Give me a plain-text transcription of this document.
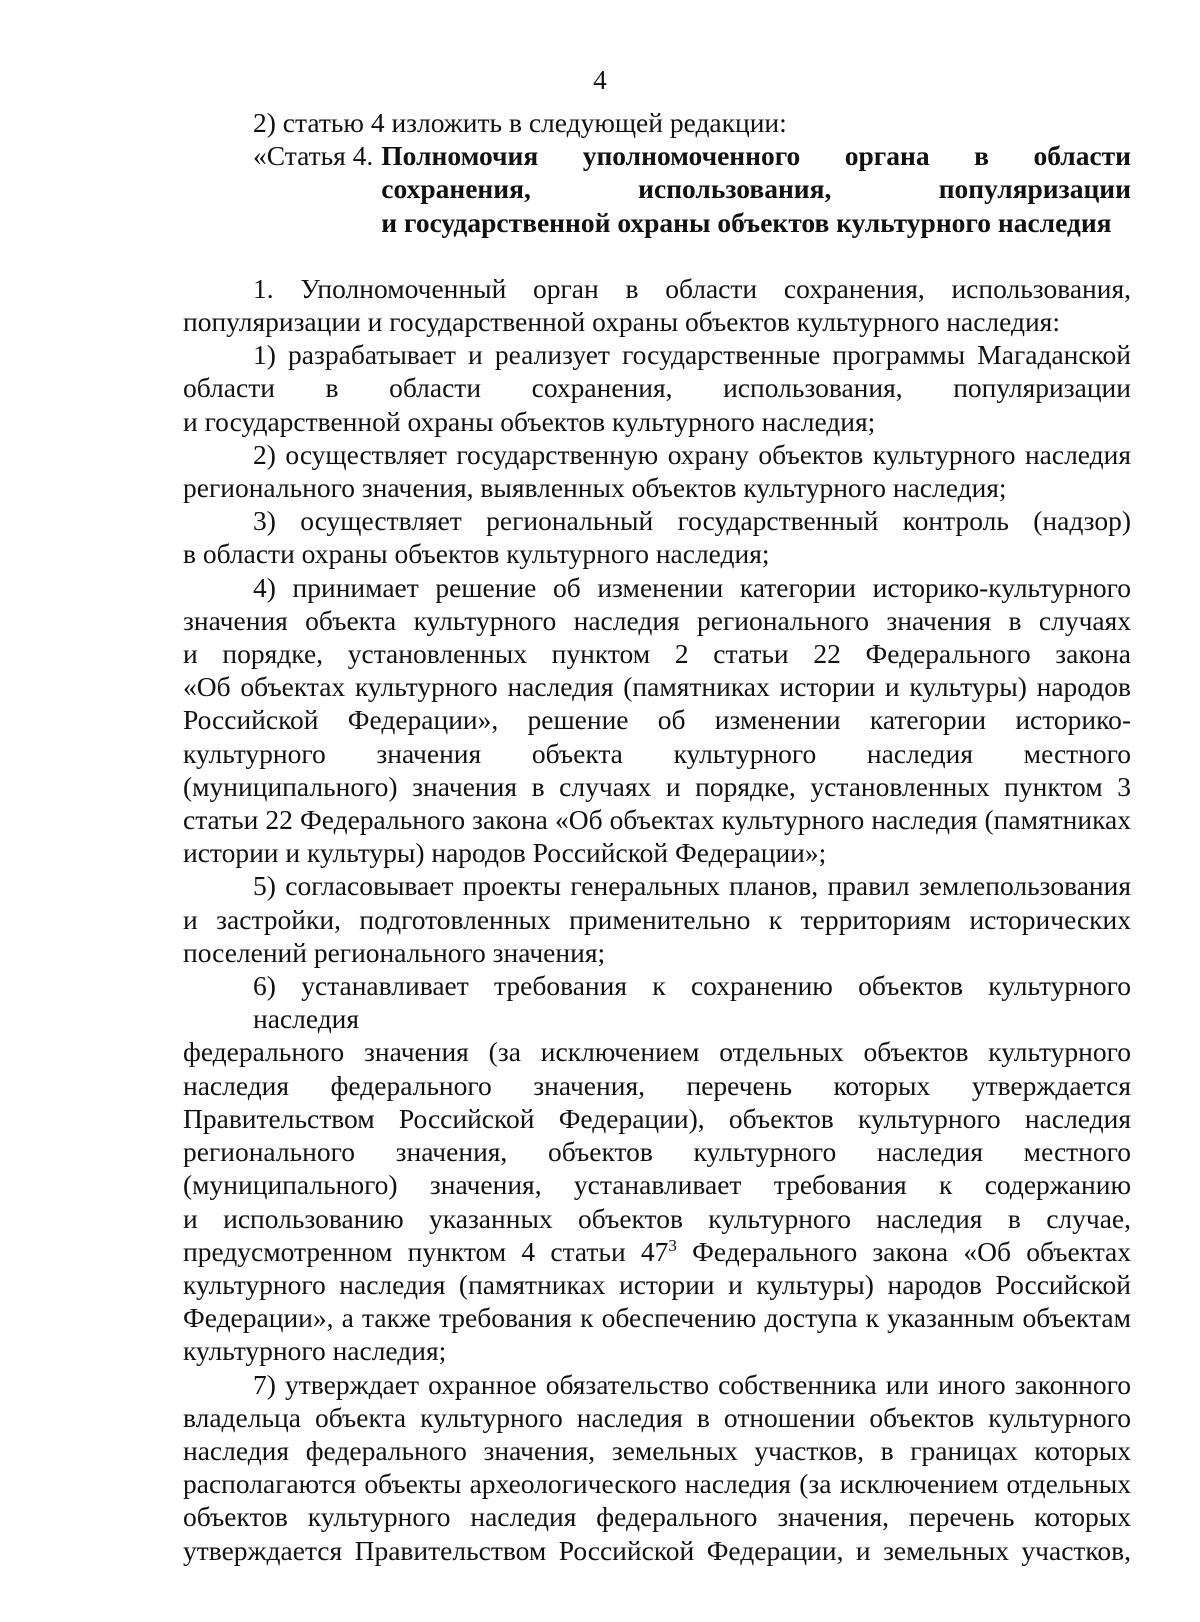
4

2) статью 4 изложить в следующей редакции:

«Статья 4. Полномочия уполномоченного органа в области
сохранения, использования, популяризации
и государственной охраны объектов культурного наследия
1. Уполномоченный орган в области сохранения, использования,
популяризации и государственной охраны объектов культурного наследия:
1) разрабатывает и реализует государственные программы Магаданской
области в области сохранения, использования, популяризации
и государственной охраны объектов культурного наследия;
2) осуществляет государственную охрану объектов культурного наследия
регионального значения, выявленных объектов культурного наследия;
3) осуществляет региональный государственный контроль (надзор)
в области охраны объектов культурного наследия;
4) принимает решение об изменении категории историко-культурного
значения объекта культурного наследия регионального значения в случаях
и порядке, установленных пунктом 2 статьи 22 Федерального закона
«Об объектах культурного наследия (памятниках истории и культуры) народов
Российской Федерации», решение об изменении категории историко-
культурного значения объекта культурного наследия местного
(муниципального) значения в случаях и порядке, установленных пунктом 3
статьи 22 Федерального закона «Об объектах культурного наследия (памятниках
истории и культуры) народов Российской Федерации»;
5) согласовывает проекты генеральных планов, правил землепользования
и застройки, подготовленных применительно к территориям исторических
поселений регионального значения;
6) устанавливает требования к сохранению объектов культурного наследия
федерального значения (за исключением отдельных объектов культурного
наследия федерального значения, перечень которых утверждается
Правительством Российской Федерации), объектов культурного наследия
регионального значения, объектов культурного наследия местного
(муниципального) значения, устанавливает требования к содержанию
и использованию указанных объектов культурного наследия в случае,
предусмотренном пунктом 4 статьи $47^3$ Федерального закона «Об объектах
культурного наследия (памятниках истории и культуры) народов Российской
Федерации», а также требования к обеспечению доступа к указанным объектам
культурного наследия;
7) утверждает охранное обязательство собственника или иного законного
владельца объекта культурного наследия в отношении объектов культурного
наследия федерального значения, земельных участков, в границах которых
располагаются объекты археологического наследия (за исключением отдельных
объектов культурного наследия федерального значения, перечень которых
утверждается Правительством Российской Федерации, и земельных участков,
